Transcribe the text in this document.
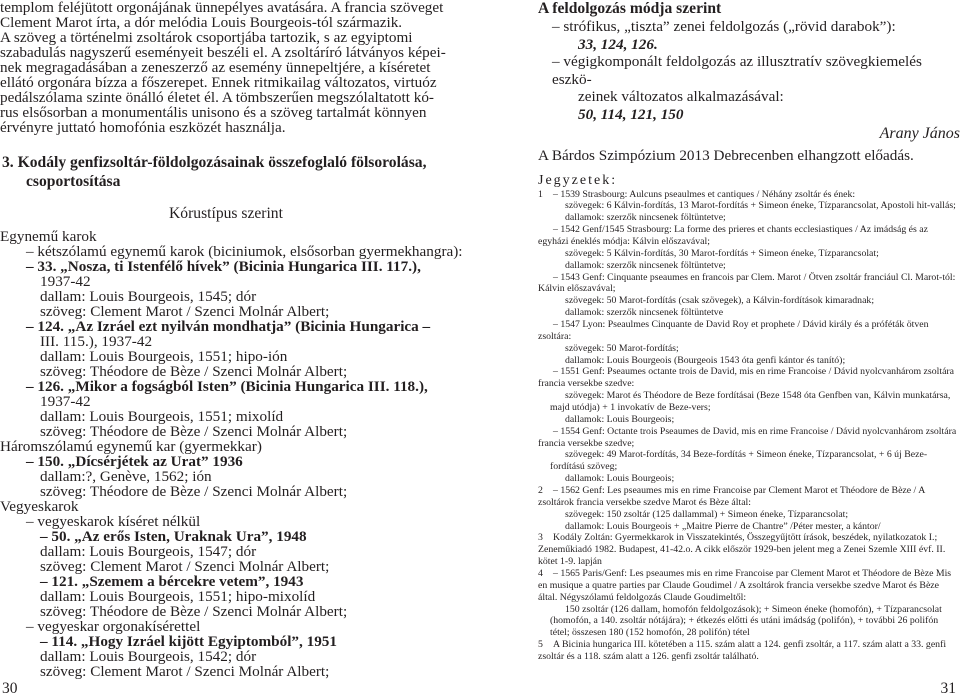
templom feléjütott orgonájának ünnepélyes avatására. A francia szöveget
Clement Marot írta, a dór melódia Louis Bourgeois-tól származik.
A szöveg a történelmi zsoltárok csoportjába tartozik, s az egyiptomi
szabadulás nagyszerű eseményeit beszéli el. A zsoltáríró látványos képei-
nek megragadásában a zeneszerző az esemény ünnepeltjére, a kíséretet
ellátó orgonára bízza a főszerepet. Ennek ritmikailag változatos, virtuóz
pedálszólama szinte önálló életet él. A tömbszerűen megszólaltatott kó-
rus elsősorban a monumentális unisono és a szöveg tartalmát könnyen
érvényre juttató homofónia eszközét használja.
3. Kodály genfizsoltár-földolgozásainak összefoglaló fölsorolása, csoportosítása
Kórustípus szerint
Egynemű karok
– kétszólamú egynemű karok (biciniumok, elsősorban gyermekhangra):
– 33. „Nosza, ti Istenfélő hívek” (Bicinia Hungarica III. 117.),
1937-42
dallam: Louis Bourgeois, 1545; dór
szöveg: Clement Marot / Szenci Molnár Albert;
– 124. „Az Izráel ezt nyilván mondhatja” (Bicinia Hungarica –
III. 115.), 1937-42
dallam: Louis Bourgeois, 1551; hipo-ión
szöveg: Théodore de Bèze / Szenci Molnár Albert;
– 126. „Mikor a fogságból Isten” (Bicinia Hungarica III. 118.),
1937-42
dallam: Louis Bourgeois, 1551; mixolíd
szöveg: Théodore de Bèze / Szenci Molnár Albert;
Háromszólamú egynemű kar (gyermekkar)
– 150. „Dícsérjétek az Urat” 1936
dallam:?, Genève, 1562; ión
szöveg: Théodore de Bèze / Szenci Molnár Albert;
Vegyeskarok
– vegyeskarok kíséret nélkül
– 50. „Az erős Isten, Uraknak Ura”, 1948
dallam: Louis Bourgeois, 1547; dór
szöveg: Clement Marot / Szenci Molnár Albert;
– 121. „Szemem a bércekre vetem”, 1943
dallam: Louis Bourgeois, 1551; hipo-mixolíd
szöveg: Théodore de Bèze / Szenci Molnár Albert;
– vegyeskar orgonakísérettel
– 114. „Hogy Izráel kijött Egyiptomból”, 1951
dallam: Louis Bourgeois, 1542; dór
szöveg: Clement Marot / Szenci Molnár Albert;
30

A feldolgozás módja szerint

– strófikus, „tiszta” zenei feldolgozás („rövid darabok”):
33, 124, 126.
– végigkomponált feldolgozás az illusztratív szövegkiemelés eszkö-
zeinek változatos alkalmazásával:
50, 114, 121, 150
Arany János

A Bárdos Szimpózium 2013 Debrecenben elhangzott előadás.

Jegyzetek:
1 – 1539 Strasbourg: Aulcuns pseaulmes et cantiques / Néhány zsoltár és ének:
szövegek: 6 Kálvin-fordítás, 13 Marot-fordítás + Simeon éneke, Tízparancsolat, Apostoli hit-vallás;
dallamok: szerzők nincsenek föltüntetve;
– 1542 Genf/1545 Strasbourg: La forme des prieres et chants ecclesiastiques / Az imádság és az egyházi éneklés módja: Kálvin előszavával;
szövegek: 5 Kálvin-fordítás, 30 Marot-fordítás + Simeon éneke, Tízparancsolat;
dallamok: szerzők nincsenek föltüntetve;
– 1543 Genf: Cinquante pseaumes en francois par Clem. Marot / Ötven zsoltár franciául Cl. Marot-tól: Kálvin előszavával;
szövegek: 50 Marot-fordítás (csak szövegek), a Kálvin-fordítások kimaradnak;
dallamok: szerzők nincsenek föltüntetve
– 1547 Lyon: Pseaulmes Cinquante de David Roy et prophete / Dávid király és a próféták ötven zsoltára:
szövegek: 50 Marot-fordítás;
dallamok: Louis Bourgeois (Bourgeois 1543 óta genfi kántor és tanító);
– 1551 Genf: Pseaumes octante trois de David, mis en rime Francoise / Dávid nyolcvanhárom zsoltára francia versekbe szedve:
szövegek: Marot és Théodore de Beze fordításai (Beze 1548 óta Genfben van, Kálvin munkatársa, majd utódja) + 1 invokatív de Beze-vers;
dallamok: Louis Bourgeois;
– 1554 Genf: Octante trois Pseaumes de David, mis en rime Francoise / Dávid nyolcvanhárom zsoltára francia versekbe szedve;
szövegek: 49 Marot-fordítás, 34 Beze-fordítás + Simeon éneke, Tízparancsolat, + 6 új Beze-fordítású szöveg;
dallamok: Louis Bourgeois;
2 – 1562 Genf: Les pseaumes mis en rime Francoise par Clement Marot et Théodore de Bèze / A zsoltárok francia versekbe szedve Marot és Bèze által:
szövegek: 150 zsoltár (125 dallammal) + Simeon éneke, Tízparancsolat;
dallamok: Louis Bourgeois + „Maitre Pierre de Chantre” /Péter mester, a kántor/
3 Kodály Zoltán: Gyermekkarok in Visszatekintés, Összegyűjtött írások, beszédek, nyilatkozatok I.; Zeneműkiadó 1982. Budapest, 41-42.o. A cikk először 1929-ben jelent meg a Zenei Szemle XIII évf. II. kötet 1-9. lapján
4 – 1565 Paris/Genf: Les pseaumes mis en rime Francoise par Clement Marot et Théodore de Bèze Mis en musique a quatre parties par Claude Goudimel / A zsoltárok francia versekbe szedve Marot és Bèze által. Négyszólamú feldolgozás Claude Goudimeltől:
150 zsoltár (126 dallam, homofón feldolgozások); + Simeon éneke (homofón), + Tízparancsolat (homofón, a 140. zsoltár nótájára); + étkezés előtti és utáni imádság (polifón), + további 26 polifón tétel; összesen 180 (152 homofón, 28 polifón) tétel
5 A Bicinia hungarica III. kötetében a 115. szám alatt a 124. genfi zsoltár, a 117. szám alatt a 33. genfi zsoltár és a 118. szám alatt a 126. genfi zsoltár található.
31
